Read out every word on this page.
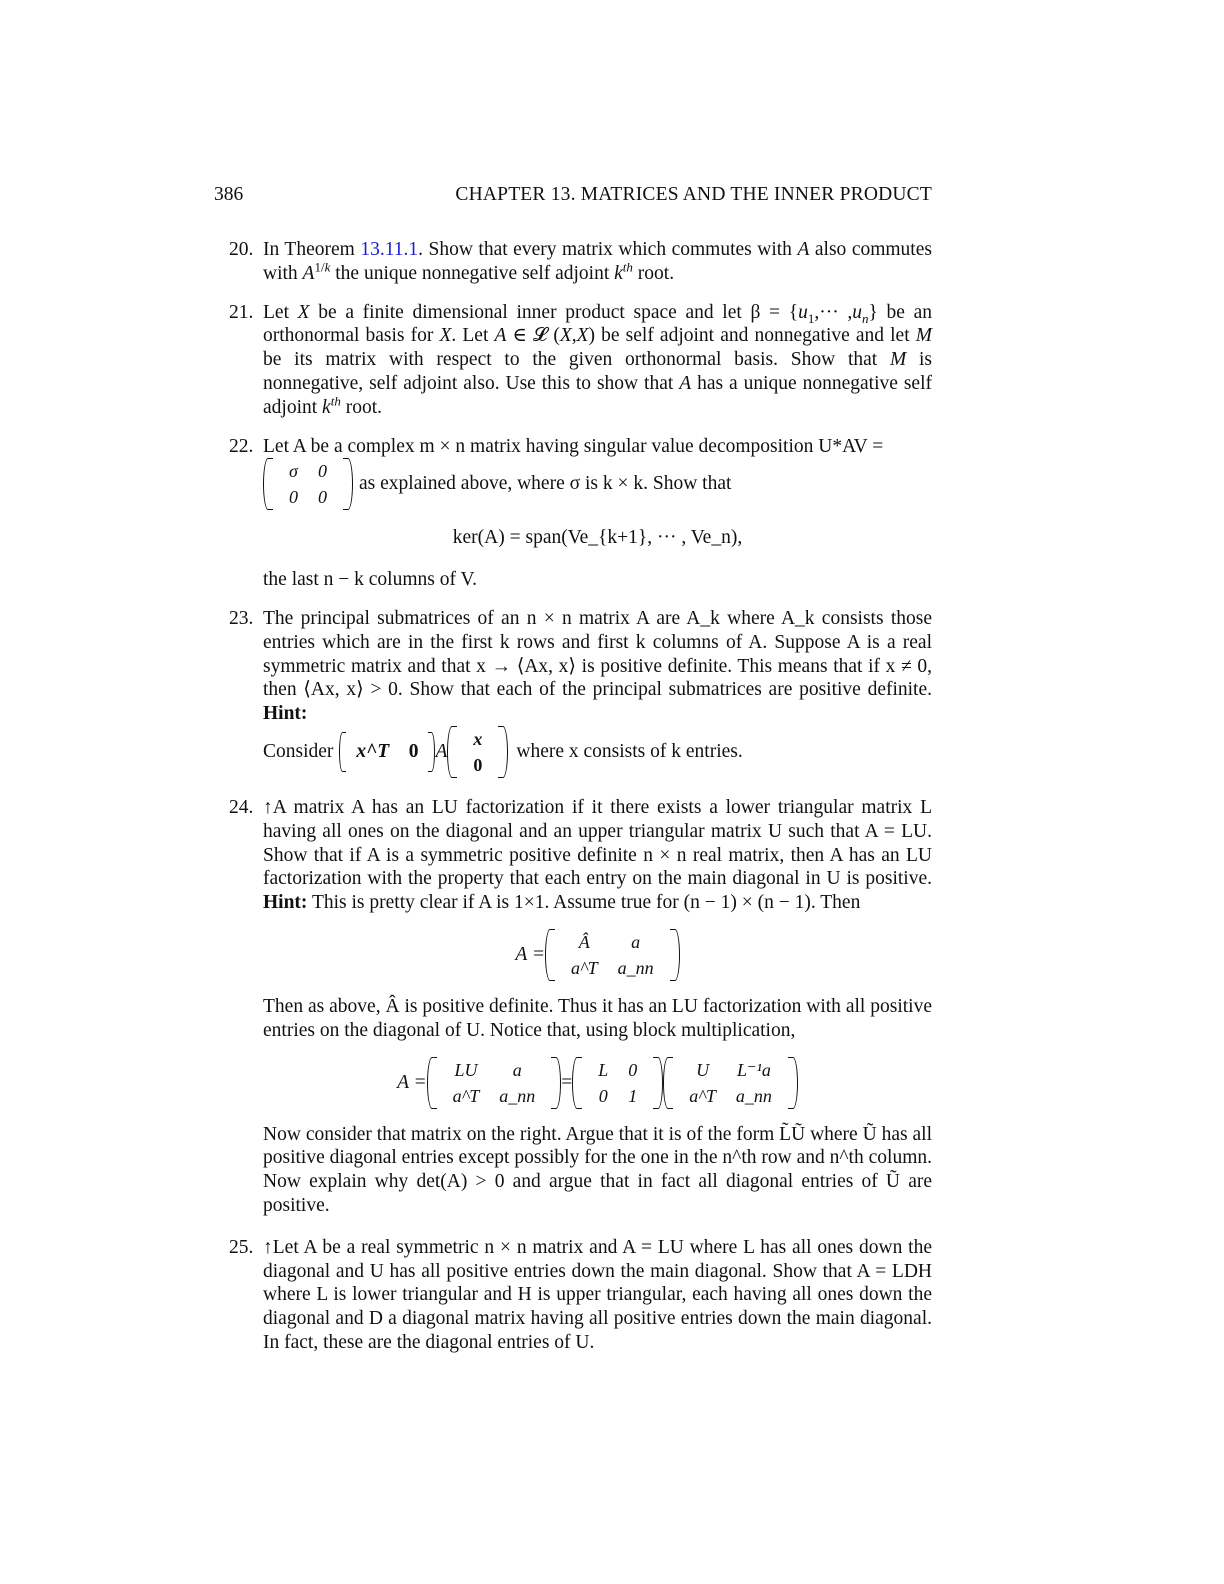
386	CHAPTER 13. MATRICES AND THE INNER PRODUCT
20. In Theorem 13.11.1. Show that every matrix which commutes with A also commutes with $A^{1/k}$ the unique nonnegative self adjoint $k^{th}$ root.
21. Let X be a finite dimensional inner product space and let $\beta = \{u_1,\cdot\cdot\cdot ,u_n\}$ be an orthonormal basis for X. Let A ∈ 𝓛 (X,X) be self adjoint and nonnegative and let M be its matrix with respect to the given orthonormal basis. Show that M is nonnegative, self adjoint also. Use this to show that A has a unique nonnegative self adjoint $k^{th}$ root.
22. Let A be a complex m × n matrix having singular value decomposition U*AV =
σ	0
0	0
as explained above, where σ is k × k. Show that
ker(A) = span(Ve_{k+1}, ··· , Ve_n),
the last n − k columns of V.
23. The principal submatrices of an n × n matrix A are A_k where A_k consists those entries which are in the first k rows and first k columns of A. Suppose A is a real symmetric matrix and that x → ⟨Ax, x⟩ is positive definite. This means that if x ≠ 0, then ⟨Ax, x⟩ > 0. Show that each of the principal submatrices are positive definite. Hint:
Consider	x^T 0 A
x
0
where x consists of k entries.
24. ↑A matrix A has an LU factorization if it there exists a lower triangular matrix L having all ones on the diagonal and an upper triangular matrix U such that A = LU. Show that if A is a symmetric positive definite n × n real matrix, then A has an LU factorization with the property that each entry on the main diagonal in U is positive. Hint: This is pretty clear if A is 1×1. Assume true for (n − 1) × (n − 1). Then
A =
Â	a
a^T	a_nn
Then as above, Â is positive definite. Thus it has an LU factorization with all positive entries on the diagonal of U. Notice that, using block multiplication,
A =
LU	a
a^T	a_nn
=
L	0
0	1
U	L⁻¹a
a^T	a_nn
Now consider that matrix on the right. Argue that it is of the form L̃Ũ where Ũ has all positive diagonal entries except possibly for the one in the n^th row and n^th column. Now explain why det(A) > 0 and argue that in fact all diagonal entries of Ũ are positive.
25. ↑Let A be a real symmetric n × n matrix and A = LU where L has all ones down the diagonal and U has all positive entries down the main diagonal. Show that A = LDH where L is lower triangular and H is upper triangular, each having all ones down the diagonal and D a diagonal matrix having all positive entries down the main diagonal. In fact, these are the diagonal entries of U.
